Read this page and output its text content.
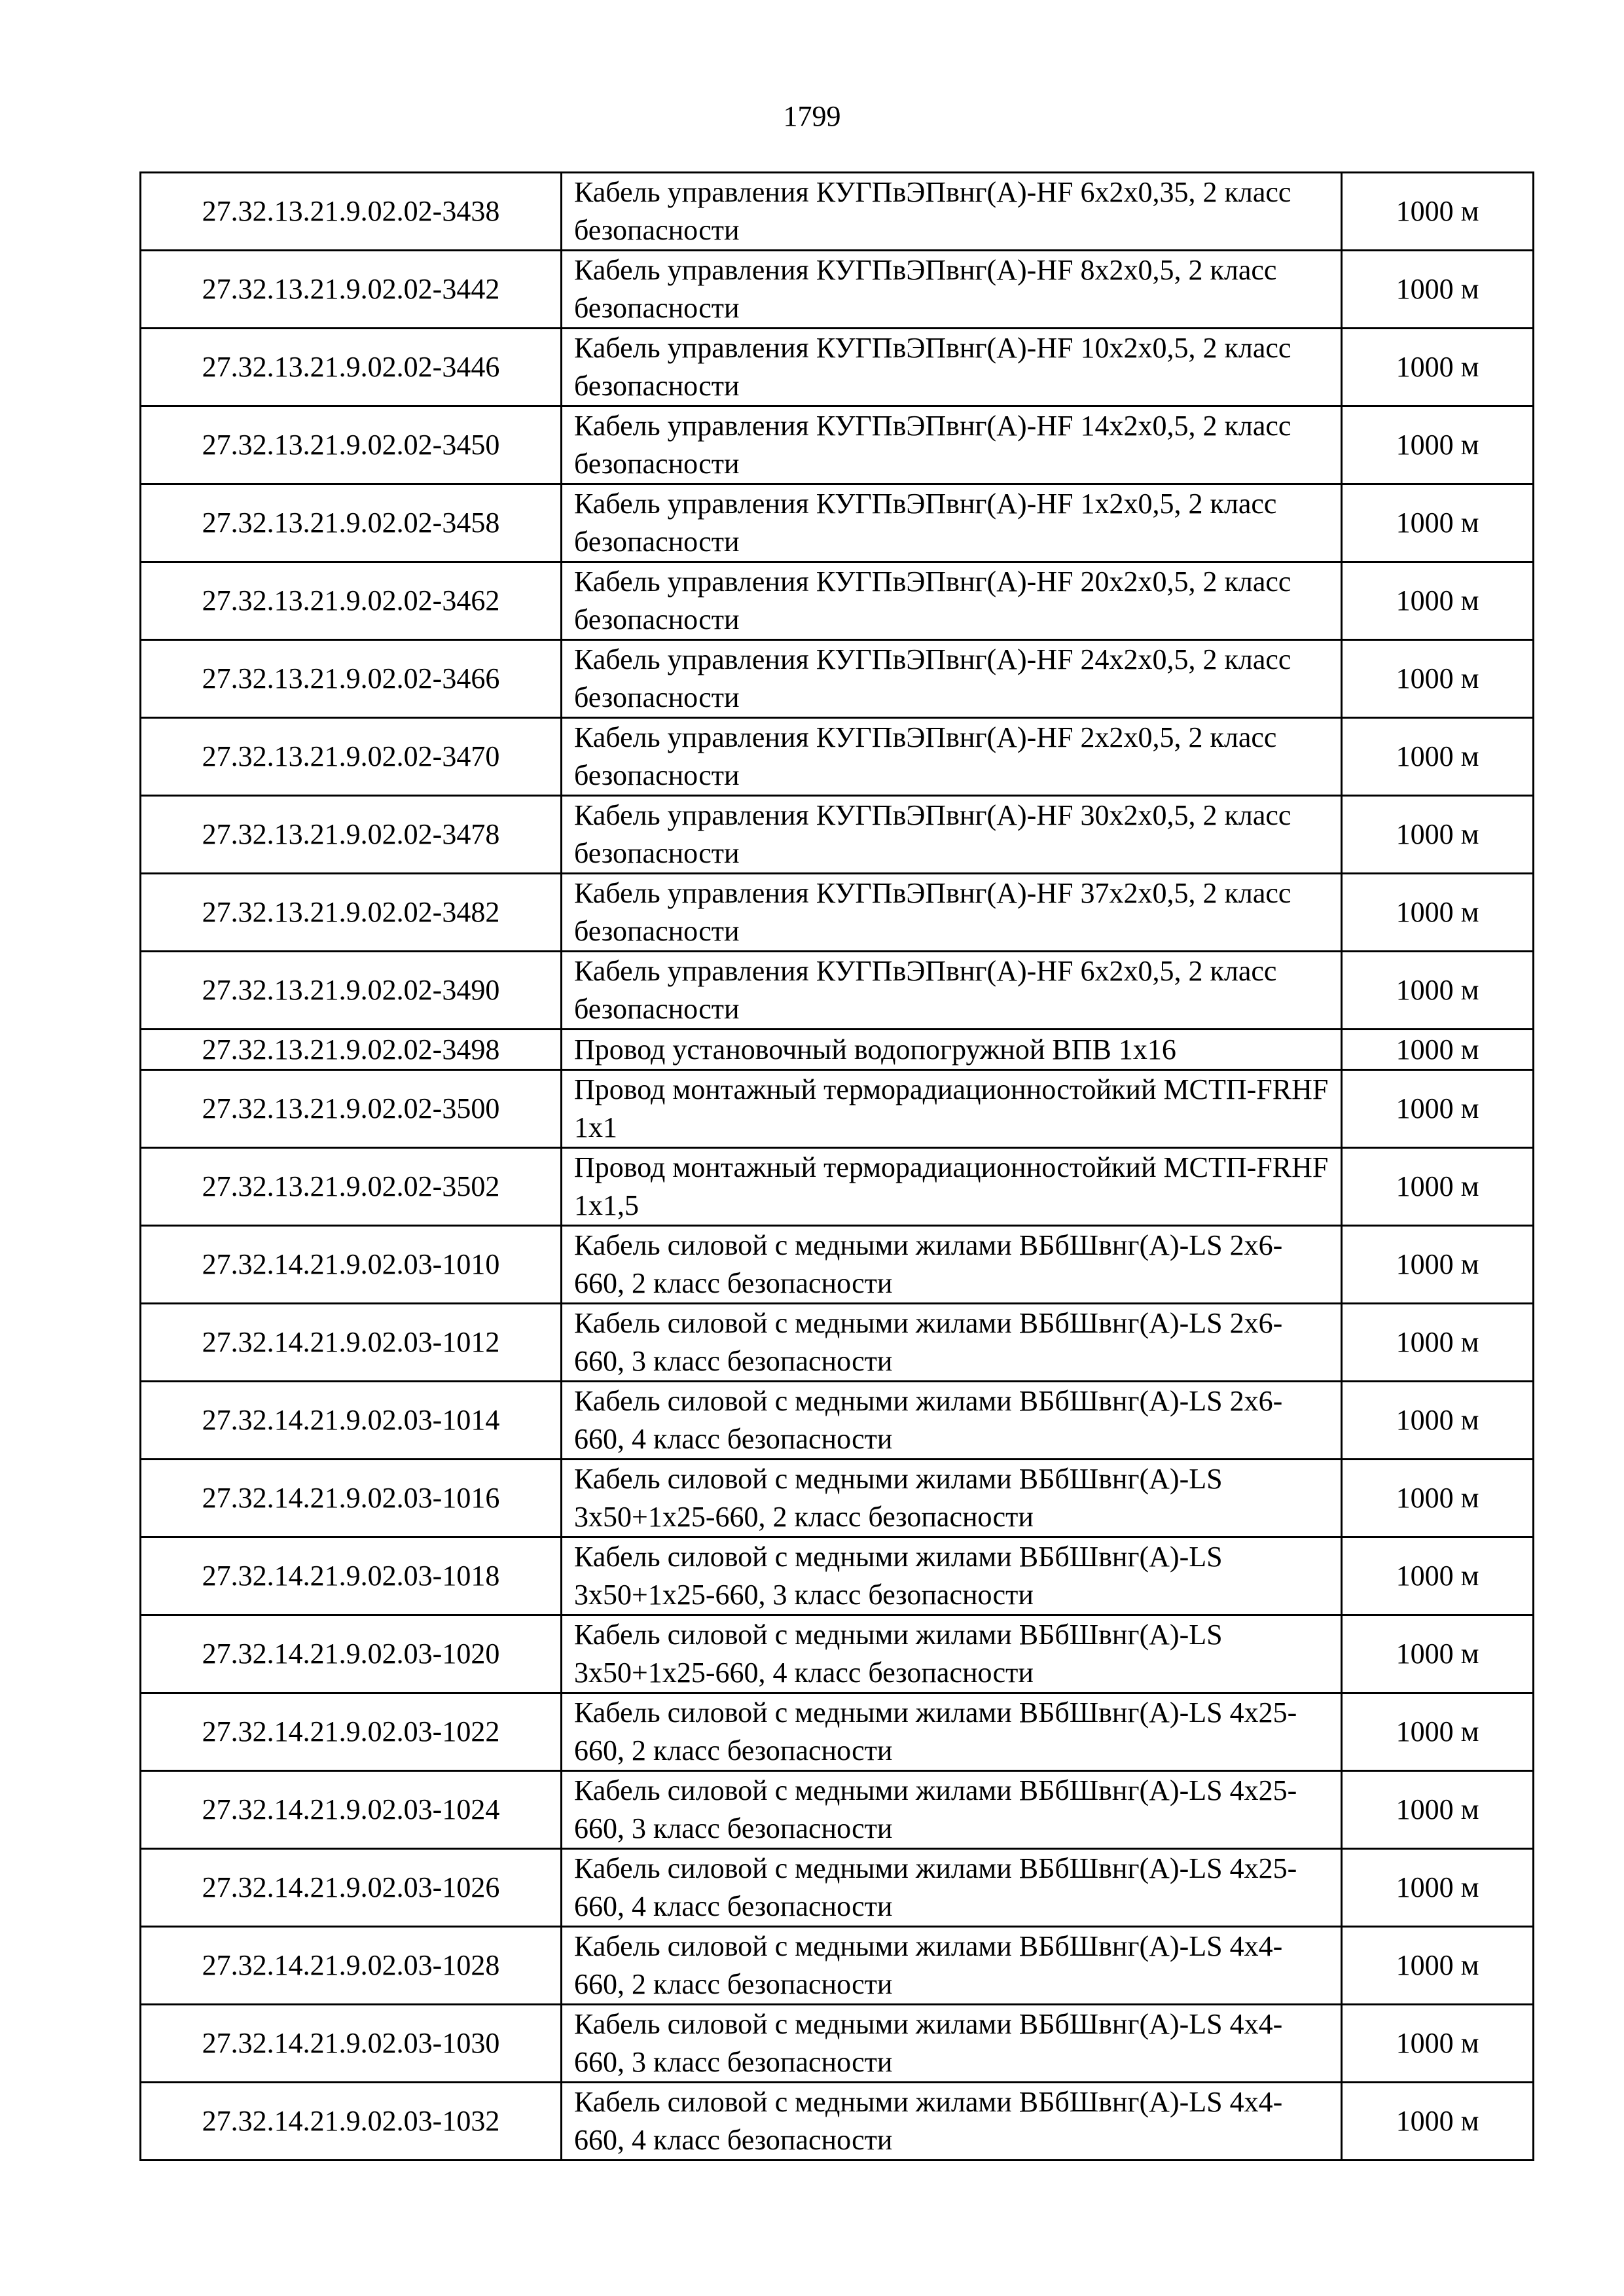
1799
27.32.13.21.9.02.02-3438	Кабель управления КУГПвЭПвнг(А)-HF 6х2х0,35, 2 класс безопасности	1000 м
27.32.13.21.9.02.02-3442	Кабель управления КУГПвЭПвнг(А)-HF 8х2х0,5, 2 класс безопасности	1000 м
27.32.13.21.9.02.02-3446	Кабель управления КУГПвЭПвнг(А)-HF 10х2х0,5, 2 класс безопасности	1000 м
27.32.13.21.9.02.02-3450	Кабель управления КУГПвЭПвнг(А)-HF 14х2х0,5, 2 класс безопасности	1000 м
27.32.13.21.9.02.02-3458	Кабель управления КУГПвЭПвнг(А)-HF 1х2х0,5, 2 класс безопасности	1000 м
27.32.13.21.9.02.02-3462	Кабель управления КУГПвЭПвнг(А)-HF 20х2х0,5, 2 класс безопасности	1000 м
27.32.13.21.9.02.02-3466	Кабель управления КУГПвЭПвнг(А)-HF 24х2х0,5, 2 класс безопасности	1000 м
27.32.13.21.9.02.02-3470	Кабель управления КУГПвЭПвнг(А)-HF 2х2х0,5, 2 класс безопасности	1000 м
27.32.13.21.9.02.02-3478	Кабель управления КУГПвЭПвнг(А)-HF 30х2х0,5, 2 класс безопасности	1000 м
27.32.13.21.9.02.02-3482	Кабель управления КУГПвЭПвнг(А)-HF 37х2х0,5, 2 класс безопасности	1000 м
27.32.13.21.9.02.02-3490	Кабель управления КУГПвЭПвнг(А)-HF 6х2х0,5, 2 класс безопасности	1000 м
27.32.13.21.9.02.02-3498	Провод установочный водопогружной ВПВ 1х16	1000 м
27.32.13.21.9.02.02-3500	Провод монтажный терморадиационностойкий МСТП-FRHF 1х1	1000 м
27.32.13.21.9.02.02-3502	Провод монтажный терморадиационностойкий МСТП-FRHF 1х1,5	1000 м
27.32.14.21.9.02.03-1010	Кабель силовой с медными жилами ВБбШвнг(А)-LS 2х6-660, 2 класс безопасности	1000 м
27.32.14.21.9.02.03-1012	Кабель силовой с медными жилами ВБбШвнг(А)-LS 2х6-660, 3 класс безопасности	1000 м
27.32.14.21.9.02.03-1014	Кабель силовой с медными жилами ВБбШвнг(А)-LS 2х6-660, 4 класс безопасности	1000 м
27.32.14.21.9.02.03-1016	Кабель силовой с медными жилами ВБбШвнг(А)-LS 3х50+1х25-660, 2 класс безопасности	1000 м
27.32.14.21.9.02.03-1018	Кабель силовой с медными жилами ВБбШвнг(А)-LS 3х50+1х25-660, 3 класс безопасности	1000 м
27.32.14.21.9.02.03-1020	Кабель силовой с медными жилами ВБбШвнг(А)-LS 3х50+1х25-660, 4 класс безопасности	1000 м
27.32.14.21.9.02.03-1022	Кабель силовой с медными жилами ВБбШвнг(А)-LS 4х25-660, 2 класс безопасности	1000 м
27.32.14.21.9.02.03-1024	Кабель силовой с медными жилами ВБбШвнг(А)-LS 4х25-660, 3 класс безопасности	1000 м
27.32.14.21.9.02.03-1026	Кабель силовой с медными жилами ВБбШвнг(А)-LS 4х25-660, 4 класс безопасности	1000 м
27.32.14.21.9.02.03-1028	Кабель силовой с медными жилами ВБбШвнг(А)-LS 4х4-660, 2 класс безопасности	1000 м
27.32.14.21.9.02.03-1030	Кабель силовой с медными жилами ВБбШвнг(А)-LS 4х4-660, 3 класс безопасности	1000 м
27.32.14.21.9.02.03-1032	Кабель силовой с медными жилами ВБбШвнг(А)-LS 4х4-660, 4 класс безопасности	1000 м
